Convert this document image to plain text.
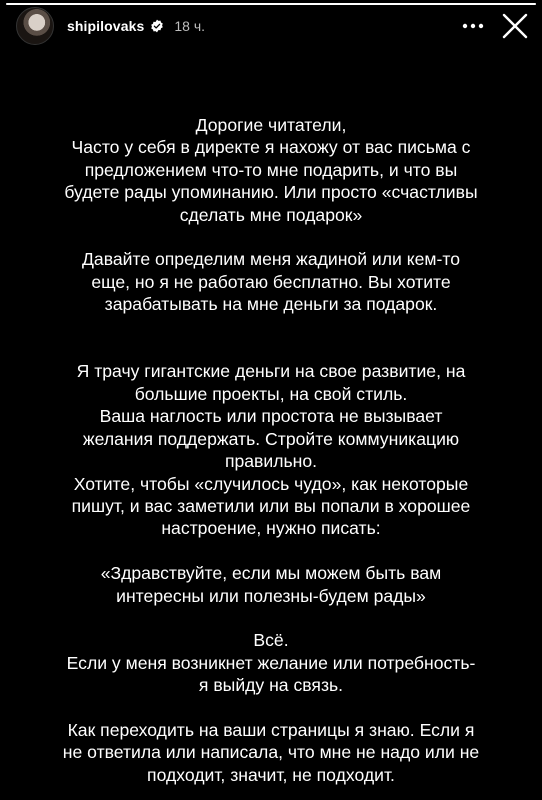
shipilovaks 18 ч.
Дорогие читатели,
Часто у себя в директе я нахожу от вас письма с
предложением что-то мне подарить, и что вы
будете рады упоминанию. Или просто «счастливы
сделать мне подарок»

Давайте определим меня жадиной или кем-то
еще, но я не работаю бесплатно. Вы хотите
зарабатывать на мне деньги за подарок.

Я трачу гигантские деньги на свое развитие, на
большие проекты, на свой стиль.
Ваша наглость или простота не вызывает
желания поддержать. Стройте коммуникацию
правильно.
Хотите, чтобы «случилось чудо», как некоторые
пишут, и вас заметили или вы попали в хорошее
настроение, нужно писать:

«Здравствуйте, если мы можем быть вам
интересны или полезны-будем рады»

Всё.
Если у меня возникнет желание или потребность-
я выйду на связь.

Как переходить на ваши страницы я знаю. Если я
не ответила или написала, что мне не надо или не
подходит, значит, не подходит.
